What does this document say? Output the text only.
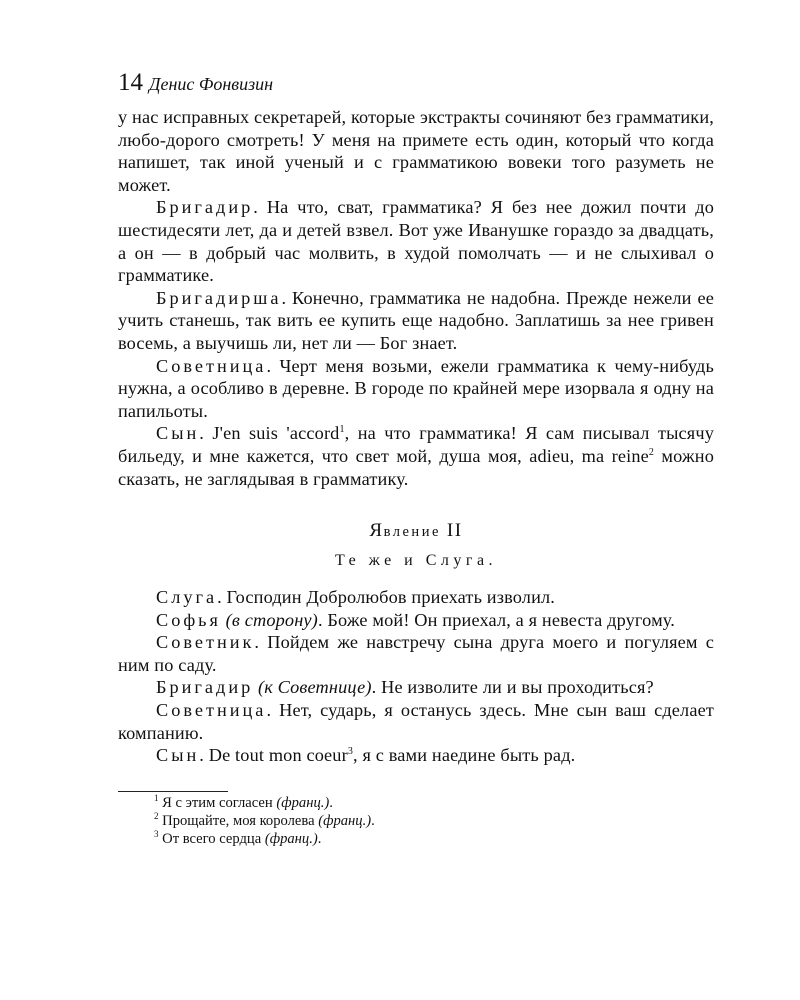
14 Денис Фонвизин

у нас исправных секретарей, которые экстракты сочиняют без грамматики, любо-дорого смотреть! У меня на примете есть один, который что когда напишет, так иной ученый и с грамматикою вовеки того разуметь не может.

Бригадир. На что, сват, грамматика? Я без нее дожил почти до шестидесяти лет, да и детей взвел. Вот уже Иванушке гораздо за двадцать, а он — в добрый час молвить, в худой помолчать — и не слыхивал о грамматике.

Бригадирша. Конечно, грамматика не надобна. Прежде нежели ее учить станешь, так вить ее купить еще надобно. Заплатишь за нее гривен восемь, а выучишь ли, нет ли — Бог знает.

Советница. Черт меня возьми, ежели грамматика к чему-нибудь нужна, а особливо в деревне. В городе по крайней мере изорвала я одну на папильоты.

Сын. J'en suis 'accord$^1$, на что грамматика! Я сам писывал тысячу бильеду, и мне кажется, что свет мой, душа моя, adieu, ma reine$^2$ можно сказать, не заглядывая в грамматику.

Явление II
Те же и Слуга.

Слуга. Господин Добролюбов приехать изволил.

Софья (в сторону). Боже мой! Он приехал, а я невеста другому.

Советник. Пойдем же навстречу сына друга моего и погуляем с ним по саду.

Бригадир (к Советнице). Не изволите ли и вы проходиться?

Советница. Нет, сударь, я останусь здесь. Мне сын ваш сделает компанию.

Сын. De tout mon coeur$^3$, я с вами наедине быть рад.

$^1$ Я с этим согласен (франц.).
$^2$ Прощайте, моя королева (франц.).
$^3$ От всего сердца (франц.).
